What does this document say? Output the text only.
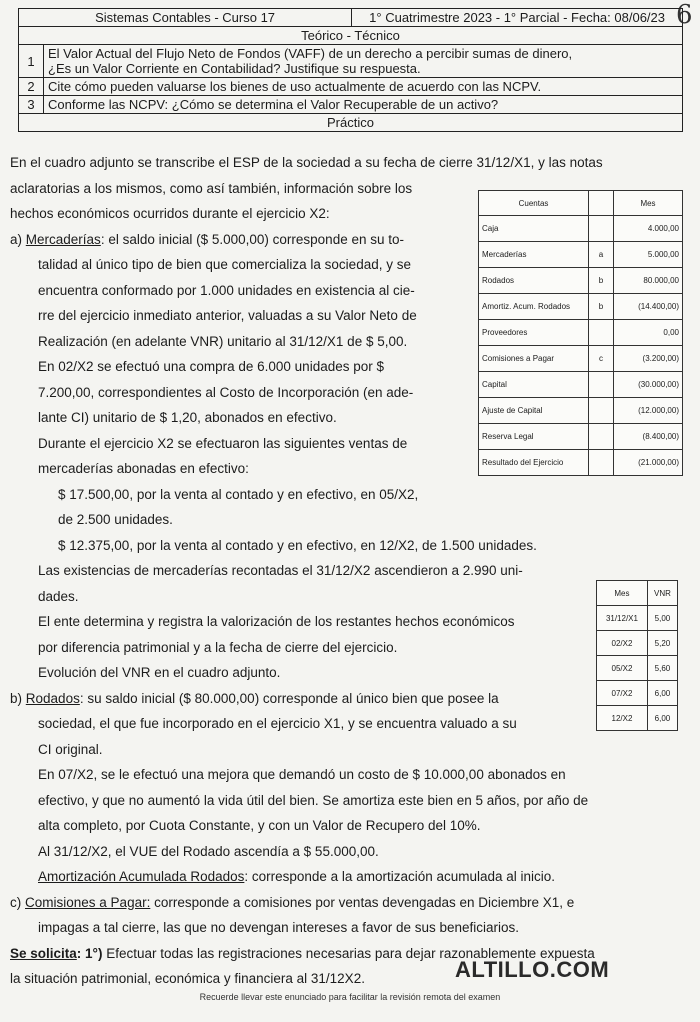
6
Sistemas Contables - Curso 17		1° Cuatrimestre 2023 - 1° Parcial - Fecha: 08/06/23
Teórico - Técnico		
1	El Valor Actual del Flujo Neto de Fondos (VAFF) de un derecho a percibir sumas de dinero,
¿Es un Valor Corriente en Contabilidad? Justifique su respuesta.	

2	Cite cómo pueden valuarse los bienes de uso actualmente de acuerdo con las NCPV.	
3	Conforme las NCPV: ¿Cómo se determina el Valor Recuperable de un activo?	
Práctico		
Cuentas		Mes
Caja		4.000,00
Mercaderías	a	5.000,00
Rodados	b	80.000,00
Amortiz. Acum. Rodados	b	(14.400,00)
Proveedores		0,00
Comisiones a Pagar	c	(3.200,00)
Capital		(30.000,00)
Ajuste de Capital		(12.000,00)
Reserva Legal		(8.400,00)
Resultado del Ejercicio		(21.000,00)
Mes	VNR
31/12/X1	5,00
02/X2	5,20
05/X2	5,60
07/X2	6,00
12/X2	6,00
En el cuadro adjunto se transcribe el ESP de la sociedad a su fecha de cierre 31/12/X1, y las notas
aclaratorias a los mismos, como así también, información sobre los
hechos económicos ocurridos durante el ejercicio X2:
a) Mercaderías: el saldo inicial ($ 5.000,00) corresponde en su to-
talidad al único tipo de bien que comercializa la sociedad, y se
encuentra conformado por 1.000 unidades en existencia al cie-
rre del ejercicio inmediato anterior, valuadas a su Valor Neto de
Realización (en adelante VNR) unitario al 31/12/X1 de $ 5,00.
En 02/X2 se efectuó una compra de 6.000 unidades por $
7.200,00, correspondientes al Costo de Incorporación (en ade-
lante CI) unitario de $ 1,20, abonados en efectivo.
Durante el ejercicio X2 se efectuaron las siguientes ventas de
mercaderías abonadas en efectivo:
$ 17.500,00, por la venta al contado y en efectivo, en 05/X2,
de 2.500 unidades.
$ 12.375,00, por la venta al contado y en efectivo, en 12/X2, de 1.500 unidades.
Las existencias de mercaderías recontadas el 31/12/X2 ascendieron a 2.990 uni-
dades.
El ente determina y registra la valorización de los restantes hechos económicos
por diferencia patrimonial y a la fecha de cierre del ejercicio.
Evolución del VNR en el cuadro adjunto.
b) Rodados: su saldo inicial ($ 80.000,00) corresponde al único bien que posee la
sociedad, el que fue incorporado en el ejercicio X1, y se encuentra valuado a su
CI original.
En 07/X2, se le efectuó una mejora que demandó un costo de $ 10.000,00 abonados en
efectivo, y que no aumentó la vida útil del bien. Se amortiza este bien en 5 años, por año de
alta completo, por Cuota Constante, y con un Valor de Recupero del 10%.
Al 31/12/X2, el VUE del Rodado ascendía a $ 55.000,00.
Amortización Acumulada Rodados: corresponde a la amortización acumulada al inicio.
c) Comisiones a Pagar: corresponde a comisiones por ventas devengadas en Diciembre X1, e
impagas a tal cierre, las que no devengan intereses a favor de sus beneficiarios.
Se solicita: 1°) Efectuar todas las registraciones necesarias para dejar razonablemente expuesta
la situación patrimonial, económica y financiera al 31/12X2.	ALTILLO.COM
Recuerde llevar este enunciado para facilitar la revisión remota del examen
